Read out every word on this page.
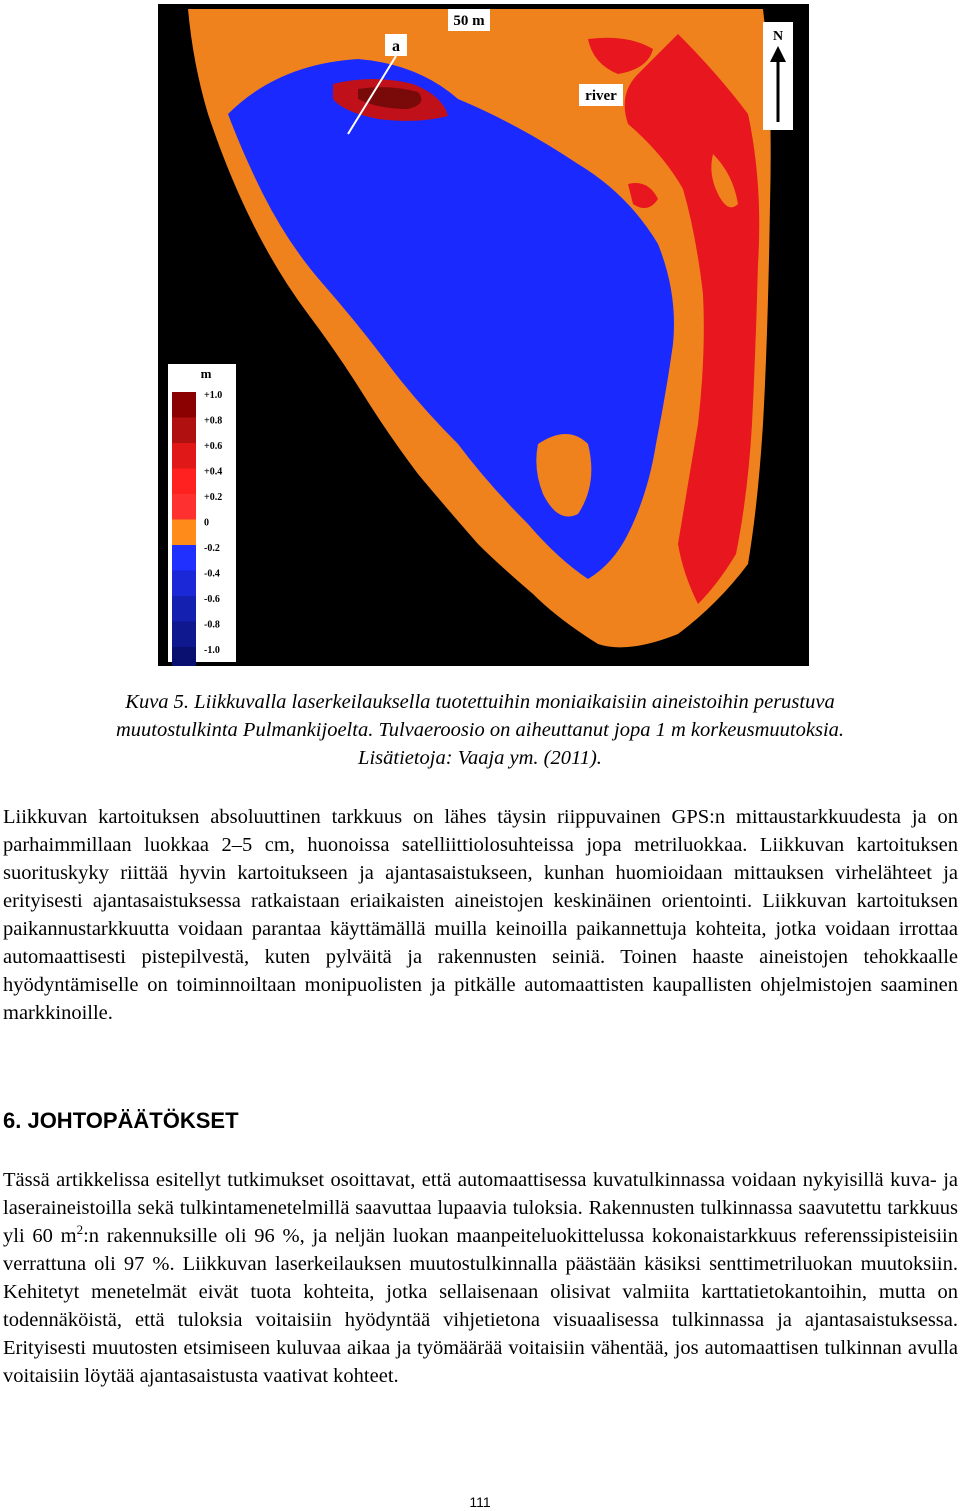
50 m
a
river
N
m
+1.0
+0.8
+0.6
+0.4
+0.2
0
-0.2
-0.4
-0.6
-0.8
-1.0
Kuva 5. Liikkuvalla laserkeilauksella tuotettuihin moniaikaisiin aineistoihin perustuva
muutostulkinta Pulmankijoelta. Tulvaeroosio on aiheuttanut jopa 1 m korkeusmuutoksia.
Lisätietoja: Vaaja ym. (2011).

Liikkuvan kartoituksen absoluuttinen tarkkuus on lähes täysin riippuvainen GPS:n mittaustarkkuudesta ja on parhaimmillaan luokkaa 2–5 cm, huonoissa satelliittiolosuhteissa jopa metriluokkaa. Liikkuvan kartoituksen suorituskyky riittää hyvin kartoitukseen ja ajantasaistukseen, kunhan huomioidaan mittauksen virhelähteet ja erityisesti ajantasaistuksessa ratkaistaan eriaikaisten aineistojen keskinäinen orientointi. Liikkuvan kartoituksen paikannustarkkuutta voidaan parantaa käyttämällä muilla keinoilla paikannettuja kohteita, jotka voidaan irrottaa automaattisesti pistepilvestä, kuten pylväitä ja rakennusten seiniä. Toinen haaste aineistojen tehokkaalle hyödyntämiselle on toiminnoiltaan monipuolisten ja pitkälle automaattisten kaupallisten ohjelmistojen saaminen markkinoille.

6. JOHTOPÄÄTÖKSET

Tässä artikkelissa esitellyt tutkimukset osoittavat, että automaattisessa kuvatulkinnassa voidaan nykyisillä kuva- ja laseraineistoilla sekä tulkintamenetelmillä saavuttaa lupaavia tuloksia. Rakennusten tulkinnassa saavutettu tarkkuus yli 60 $m^2:n$ rakennuksille oli 96 %, ja neljän luokan maanpeiteluokittelussa kokonaistarkkuus referenssipisteisiin verrattuna oli 97 %. Liikkuvan laserkeilauksen muutostulkinnalla päästään käsiksi senttimetriluokan muutoksiin. Kehitetyt menetelmät eivät tuota kohteita, jotka sellaisenaan olisivat valmiita karttatietokantoihin, mutta on todennäköistä, että tuloksia voitaisiin hyödyntää vihjetietona visuaalisessa tulkinnassa ja ajantasaistuksessa. Erityisesti muutosten etsimiseen kuluvaa aikaa ja työmäärää voitaisiin vähentää, jos automaattisen tulkinnan avulla voitaisiin löytää ajantasaistusta vaativat kohteet.

111
